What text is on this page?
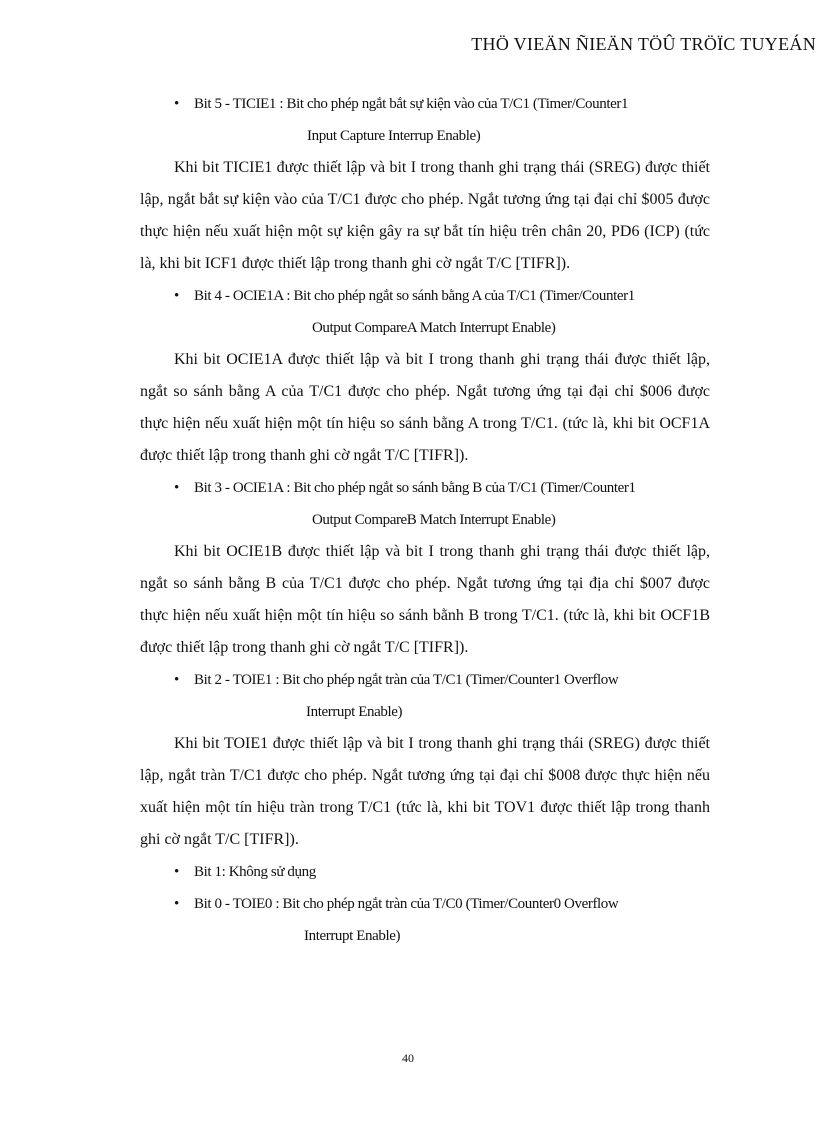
THÖ VIEÄN ÑIEÄN TÖÛ TRÖÏC TUYEÁN

• Bit 5 - TICIE1 : Bit cho phép ngắt bắt sự kiện vào của T/C1 (Timer/Counter1
Input Capture Interrup Enable)

Khi bit TICIE1 được thiết lập và bit I trong thanh ghi trạng thái (SREG) được thiết lập, ngắt bắt sự kiện vào của T/C1 được cho phép. Ngắt tương ứng tại đại chỉ $005 được thực hiện nếu xuất hiện một sự kiện gây ra sự bắt tín hiệu trên chân 20, PD6 (ICP) (tức là, khi bit ICF1 được thiết lập trong thanh ghi cờ ngắt T/C [TIFR]).

• Bit 4 - OCIE1A : Bit cho phép ngắt so sánh bằng A của T/C1 (Timer/Counter1
Output CompareA Match Interrupt Enable)

Khi bit OCIE1A được thiết lập và bit I trong thanh ghi trạng thái được thiết lập, ngắt so sánh bằng A của T/C1 được cho phép. Ngắt tương ứng tại đại chỉ $006 được thực hiện nếu xuất hiện một tín hiệu so sánh bằng A trong T/C1. (tức là, khi bit OCF1A được thiết lập trong thanh ghi cờ ngắt T/C [TIFR]).

• Bit 3 - OCIE1A : Bit cho phép ngắt so sánh bằng B của T/C1 (Timer/Counter1
Output CompareB Match Interrupt Enable)

Khi bit OCIE1B được thiết lập và bit I trong thanh ghi trạng thái được thiết lập, ngắt so sánh bằng B của T/C1 được cho phép. Ngắt tương ứng tại địa chỉ $007 được thực hiện nếu xuất hiện một tín hiệu so sánh bằnh B trong T/C1. (tức là, khi bit OCF1B được thiết lập trong thanh ghi cờ ngắt T/C [TIFR]).

• Bit 2 - TOIE1 : Bit cho phép ngắt tràn của T/C1 (Timer/Counter1 Overflow
Interrupt Enable)

Khi bit TOIE1 được thiết lập và bit I trong thanh ghi trạng thái (SREG) được thiết lập, ngắt tràn T/C1 được cho phép. Ngắt tương ứng tại đại chỉ $008 được thực hiện nếu xuất hiện một tín hiệu tràn trong T/C1 (tức là, khi bit TOV1 được thiết lập trong thanh ghi cờ ngắt T/C [TIFR]).

• Bit 1: Không sử dụng

• Bit 0 - TOIE0 : Bit cho phép ngắt tràn của T/C0 (Timer/Counter0 Overflow
Interrupt Enable)

40
